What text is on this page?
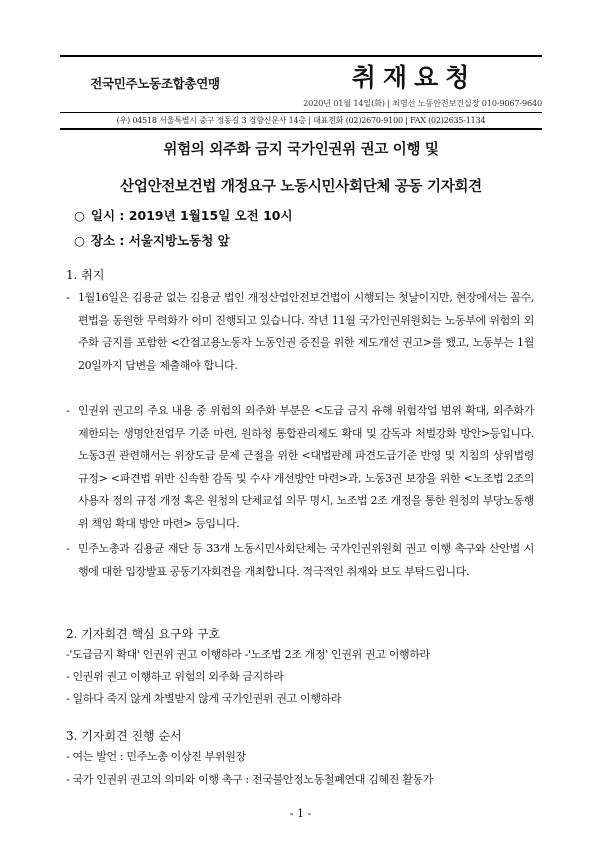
전국민주노동조합총연맹	취재요청
2020년 01월 14일(화) | 최명선 노동안전보건실장 010-9067-9640
(우) 04518 서울특별시 중구 정동길 3 경향신문사 14층 | 대표전화 (02)2670-9100 | FAX (02)2635-1134
위험의 외주화 금지 국가인권위 권고 이행 및
산업안전보건법 개정요구 노동시민사회단체 공동 기자회견
○ 일시 : 2019년 1월15일 오전 10시
○ 장소 : 서울지방노동청 앞
1. 취지
- 1월16일은 김용균 없는 김용균 법인 개정산업안전보건법이 시행되는 첫날이지만, 현장에서는 꼼수, 편법을 동원한 무력화가 이미 진행되고 있습니다. 작년 11월 국가인권위원회는 노동부에 위험의 외주화 금지를 포함한 <간접고용노동자 노동인권 증진을 위한 제도개선 권고>를 했고, 노동부는 1월20일까지 답변을 제출해야 합니다.
- 인권위 권고의 주요 내용 중 위험의 외주화 부분은 <도급 금지 유해 위험작업 범위 확대, 외주화가 제한되는 생명안전업무 기준 마련, 원하청 통합관리제도 확대 및 감독과 처벌강화 방안>등입니다. 노동3권 관련해서는 위장도급 문제 근절을 위한 <대법판례 파견도급기준 반영 및 지침의 상위법령 규정> <파견법 위반 신속한 감독 및 수사 개선방안 마련>과, 노동3권 보장을 위한 <노조법 2조의 사용자 정의 규정 개정 혹은 원청의 단체교섭 의무 명시, 노조법 2조 개정을 통한 원청의 부당노동행위 책임 확대 방안 마련> 등입니다.
- 민주노총과 김용균 재단 등 33개 노동시민사회단체는 국가인권위원회 권고 이행 촉구와 산안법 시행에 대한 입장발표 공동기자회견을 개최합니다. 적극적인 취재와 보도 부탁드립니다.
2. 기자회견 핵심 요구와 구호
-'도급금지 확대' 인권위 권고 이행하라 -'노조법 2조 개정' 인권위 권고 이행하라
- 인권위 권고 이행하고 위험의 외주화 금지하라
- 일하다 죽지 않게 차별받지 않게 국가인권위 권고 이행하라
3. 기자회견 진행 순서
- 여는 발언 : 민주노총 이상진 부위원장
- 국가 인권위 권고의 의미와 이행 촉구 : 전국불안정노동철폐연대 김혜진 활동가
- 1 -
